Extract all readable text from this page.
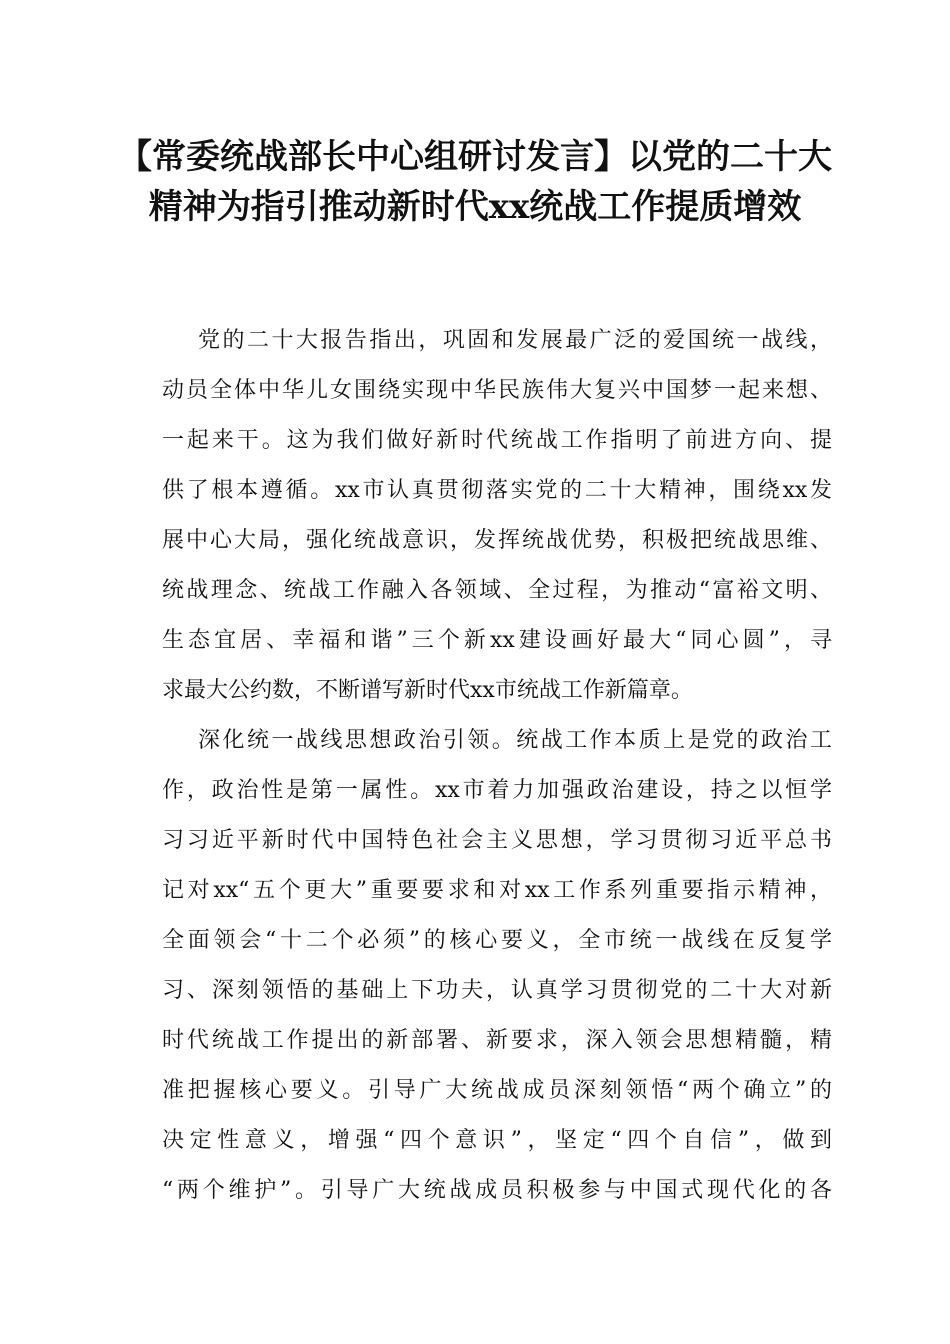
【常委统战部长中心组研讨发言】以党的二十大精神为指引推动新时代xx统战工作提质增效

党的二十大报告指出，巩固和发展最广泛的爱国统一战线，
动员全体中华儿女围绕实现中华民族伟大复兴中国梦一起来想、
一起来干。这为我们做好新时代统战工作指明了前进方向、提
供了根本遵循。xx市认真贯彻落实党的二十大精神，围绕xx发
展中心大局，强化统战意识，发挥统战优势，积极把统战思维、
统战理念、统战工作融入各领域、全过程，为推动“富裕文明、
生态宜居、幸福和谐”三个新xx建设画好最大“同心圆”，寻
求最大公约数，不断谱写新时代xx市统战工作新篇章。

深化统一战线思想政治引领。统战工作本质上是党的政治工
作，政治性是第一属性。xx市着力加强政治建设，持之以恒学
习习近平新时代中国特色社会主义思想，学习贯彻习近平总书
记对xx“五个更大”重要要求和对xx工作系列重要指示精神，
全面领会“十二个必须”的核心要义，全市统一战线在反复学
习、深刻领悟的基础上下功夫，认真学习贯彻党的二十大对新
时代统战工作提出的新部署、新要求，深入领会思想精髓，精
准把握核心要义。引导广大统战成员深刻领悟“两个确立”的
决定性意义，增强“四个意识”，坚定“四个自信”，做到
“两个维护”。引导广大统战成员积极参与中国式现代化的各
